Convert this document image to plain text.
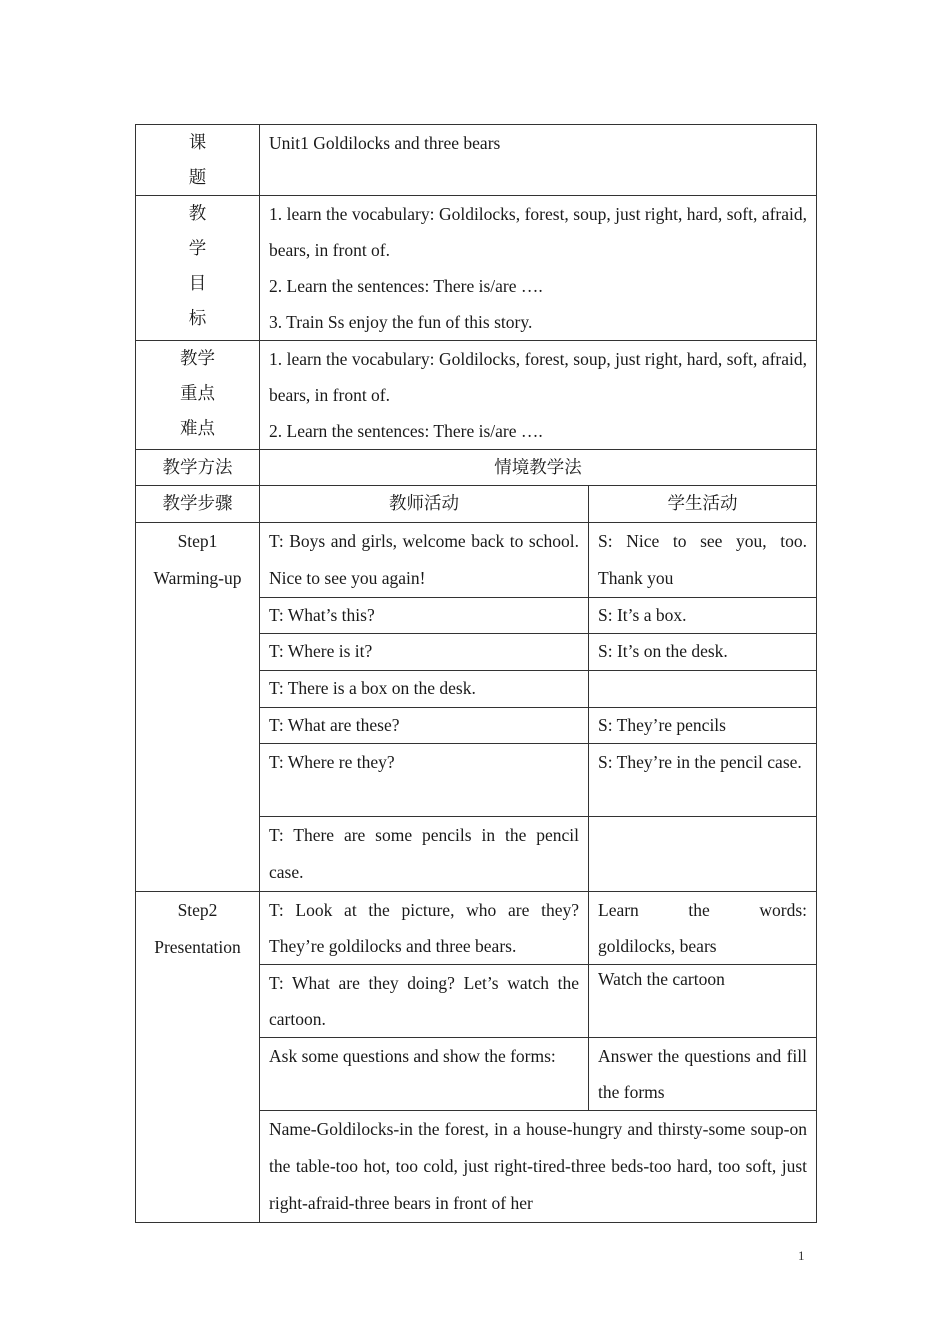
课
题	Unit1 Goldilocks and three bears	

教
学
目
标	1. learn the vocabulary: Goldilocks, forest, soup, just right, hard, soft, afraid, bears, in front of.
2. Learn the sentences: There is/are ….
3. Train Ss enjoy the fun of this story.	

教学
重点
难点	1. learn the vocabulary: Goldilocks, forest, soup, just right, hard, soft, afraid, bears, in front of.
2. Learn the sentences: There is/are ….	

教学方法	情境教学法	
教学步骤	教师活动	学生活动

Step1
Warming-up	T: Boys and girls, welcome back to school. Nice to see you again!	S: Nice to see you, too. Thank you
	T: What’s this?	S: It’s a box.
	T: Where is it?	S: It’s on the desk.
	T: There is a box on the desk.	
	T: What are these?	S: They’re pencils
	T: Where re they?	S: They’re in the pencil case.
	T: There are some pencils in the pencil case.	

Step2
Presentation	T: Look at the picture, who are they? They’re goldilocks and three bears.	Learn the words:
goldilocks, bears

	T: What are they doing? Let’s watch the cartoon.	Watch the cartoon
	Ask some questions and show the forms:	Answer the questions and fill the forms
	Name-Goldilocks-in the forest, in a house-hungry and thirsty-some soup-on the table-too hot, too cold, just right-tired-three beds-too hard, too soft, just right-afraid-three bears in front of her	
1
